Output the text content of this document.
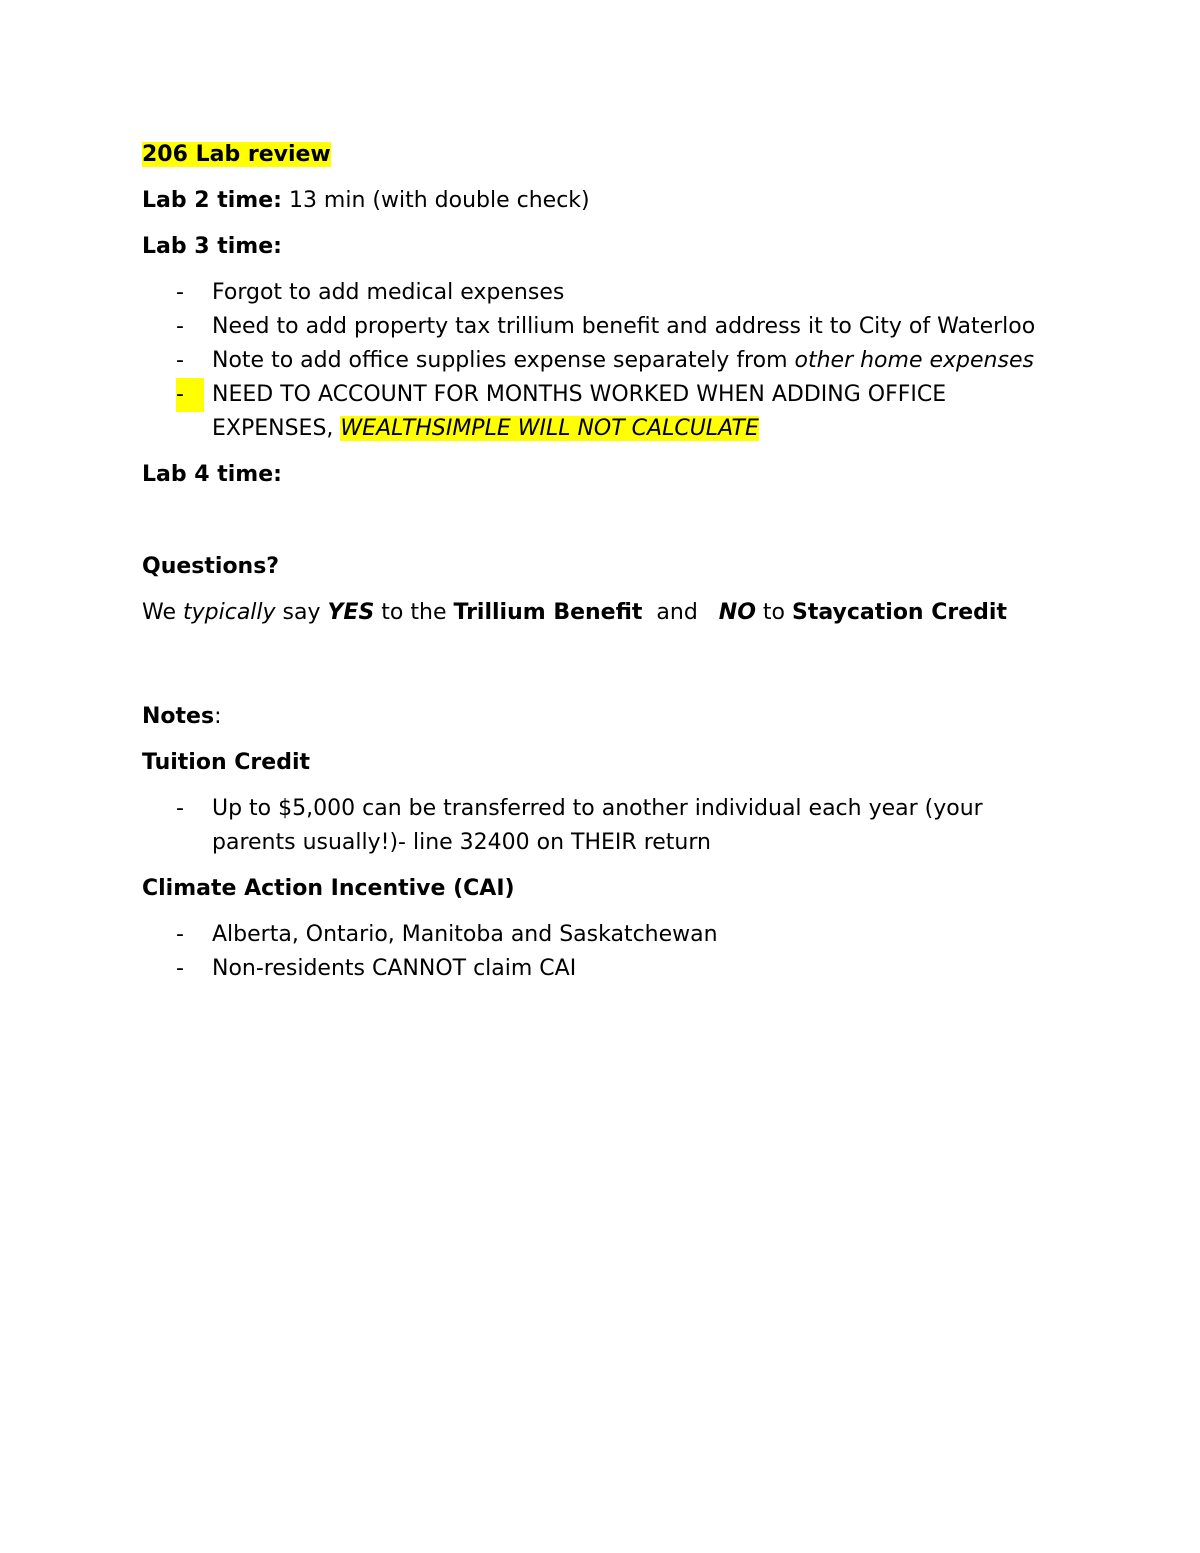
206 Lab review

Lab 2 time: 13 min (with double check)

Lab 3 time:

-	Forgot to add medical expenses
-	Need to add property tax trillium benefit and address it to City of Waterloo
-	Note to add office supplies expense separately from other home expenses
-	NEED TO ACCOUNT FOR MONTHS WORKED WHEN ADDING OFFICE EXPENSES, WEALTHSIMPLE WILL NOT CALCULATE

Lab 4 time:

Questions?

We typically say YES to the Trillium Benefit  and   NO to Staycation Credit

Notes:

Tuition Credit

-	Up to $5,000 can be transferred to another individual each year (your parents usually!)- line 32400 on THEIR return

Climate Action Incentive (CAI)

-	Alberta, Ontario, Manitoba and Saskatchewan
-	Non-residents CANNOT claim CAI
